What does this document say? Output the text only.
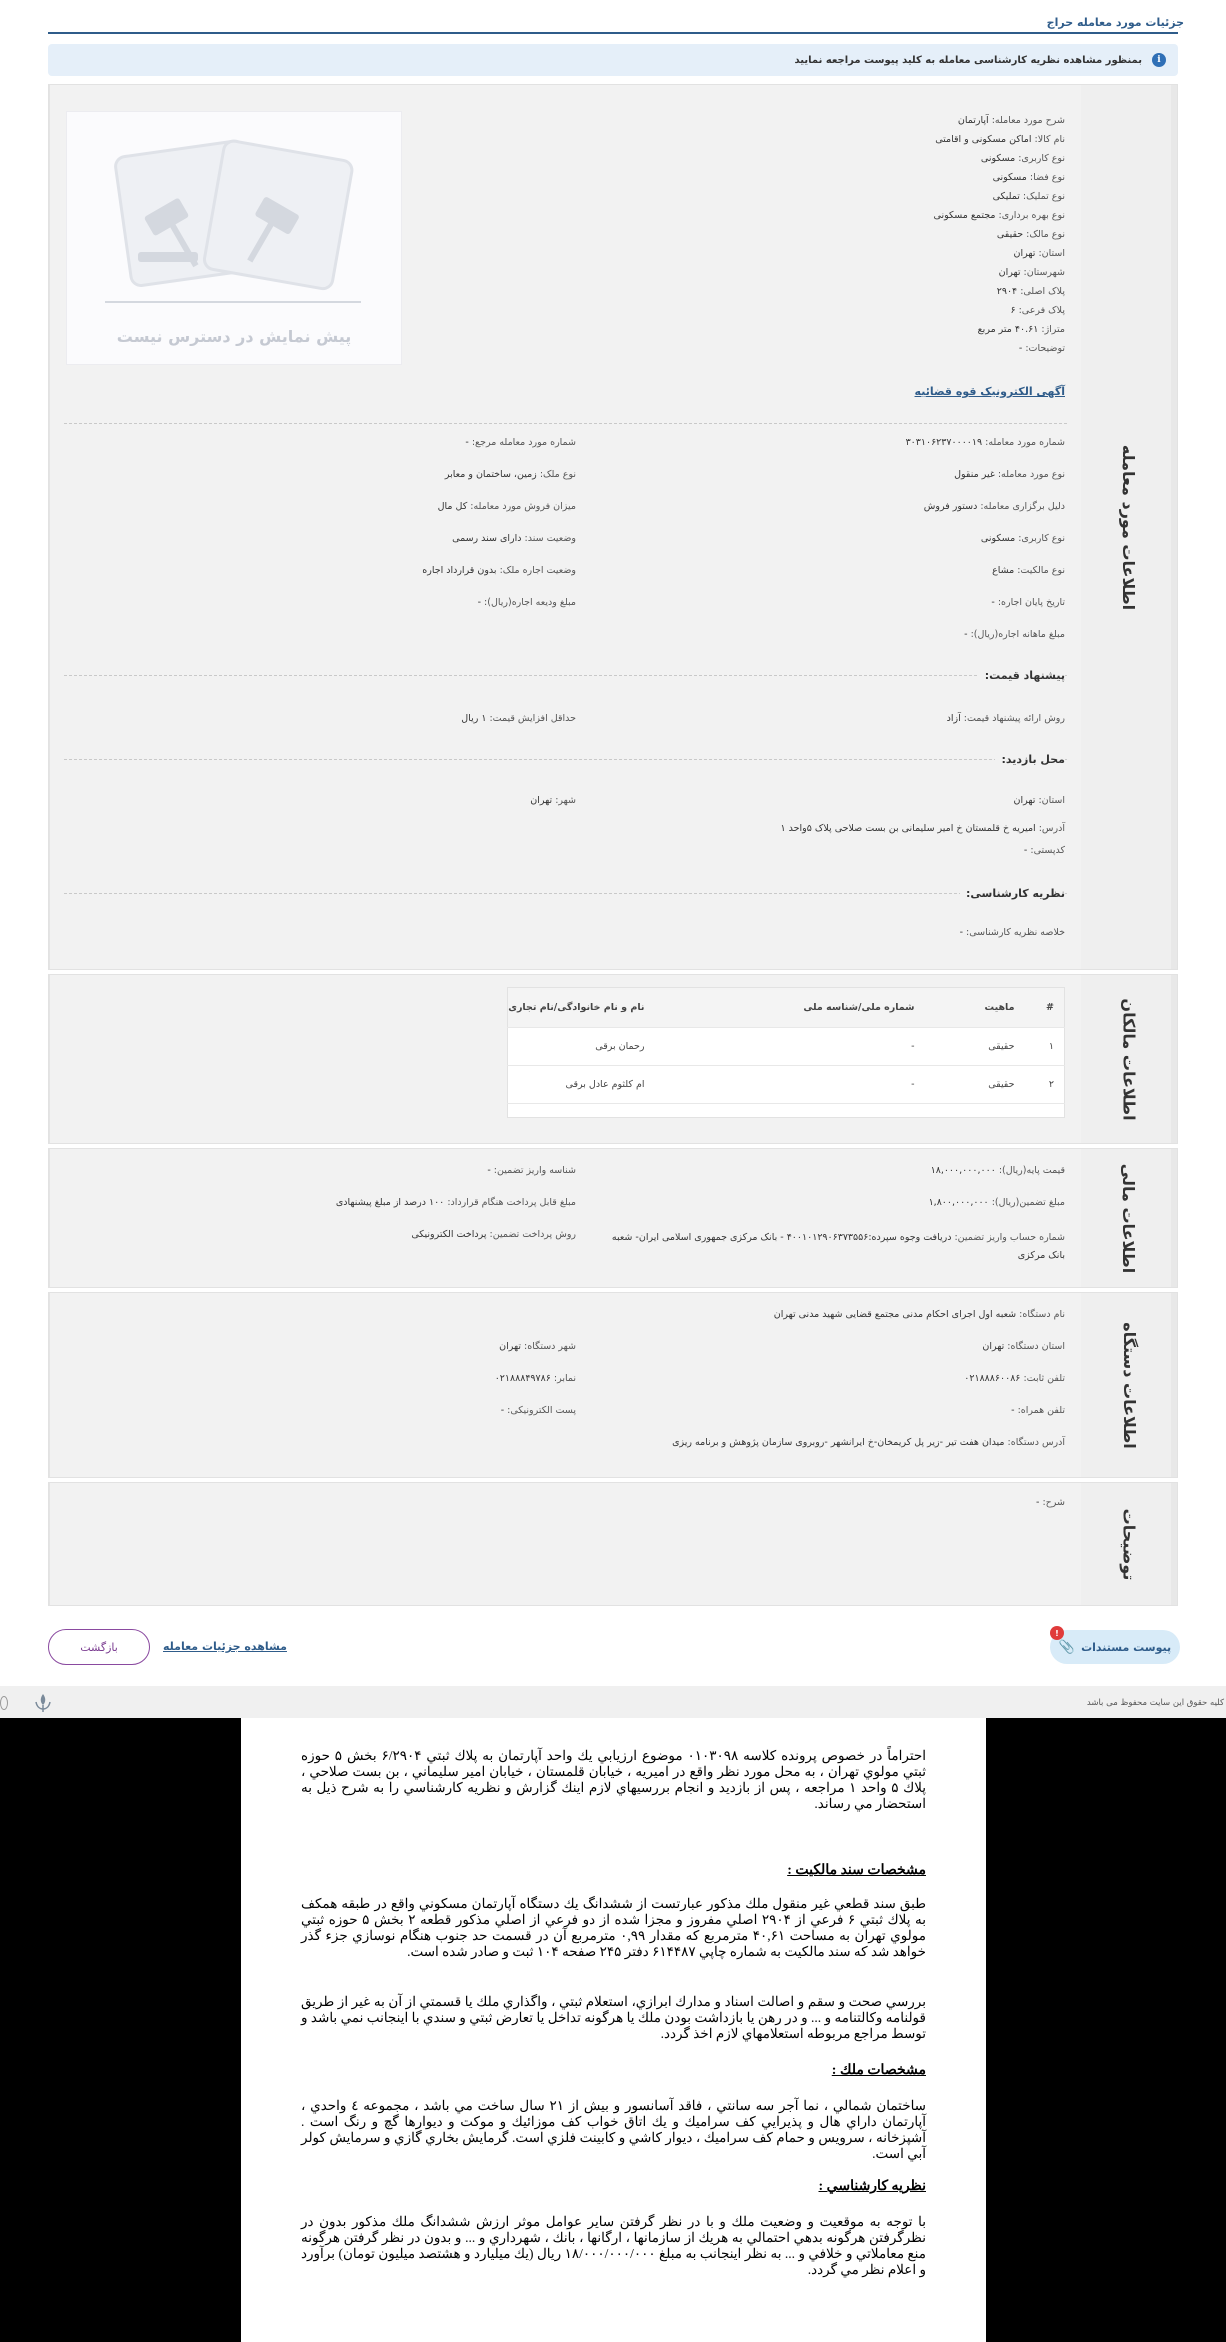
جزئیات مورد معامله حراج
i
بمنظور مشاهده نظریه کارشناسی معامله به کلید پیوست مراجعه نمایید
اطلاعات مورد معامله
شرح مورد معامله: آپارتمان
نام کالا: اماکن مسکونی و اقامتی
نوع کاربری: مسکونی
نوع فضا: مسکونی
نوع تملیک: تملیکی
نوع بهره برداری: مجتمع مسکونی
نوع مالک: حقیقی
استان: تهران
شهرستان: تهران
پلاک اصلی: ۲۹۰۴
پلاک فرعی: ۶
متراژ: ۴۰.۶۱ متر مربع
توضیحات: -
آگهی الکترونیک قوه قضائیه
پیش نمایش در دسترس نیست
شماره مورد معامله: ۳۰۳۱۰۶۲۳۷۰۰۰۰۱۹
نوع مورد معامله: غیر منقول
دلیل برگزاری معامله: دستور فروش
نوع کاربری: مسکونی
نوع مالکیت: مشاع
تاریخ پایان اجاره: -
مبلغ ماهانه اجاره(ریال): -
شماره مورد معامله مرجع: -
نوع ملک: زمین، ساختمان و معابر
میزان فروش مورد معامله: کل مال
وضعیت سند: دارای سند رسمی
وضعیت اجاره ملک: بدون قرارداد اجاره
مبلغ ودیعه اجاره(ریال): -
پیشنهاد قیمت:
روش ارائه پیشنهاد قیمت: آزاد
حداقل افزایش قیمت: ۱ ریال
محل بازدید:
استان: تهران
شهر: تهران
آدرس: امیریه خ قلمستان خ امیر سلیمانی بن بست صلاحی پلاک ۵واحد ۱
کدپستی: -
نظریه کارشناسی:
خلاصه نظریه کارشناسی: -
اطلاعات مالکان
#	ماهیت	شماره ملی/شناسه ملی	نام و نام خانوادگی/نام تجاری
۱	حقیقی	-	رحمان برقی
۲	حقیقی	-	ام کلثوم عادل برقی

اطلاعات مالی
قیمت پایه(ریال): ۱۸,۰۰۰,۰۰۰,۰۰۰
شناسه واریز تضمین: -
مبلغ تضمین(ریال): ۱,۸۰۰,۰۰۰,۰۰۰
مبلغ قابل پرداخت هنگام قرارداد: ۱۰۰ درصد از مبلغ پیشنهادی
شماره حساب واریز تضمین: دریافت وجوه سپرده:۴۰۰۱۰۱۲۹۰۶۳۷۳۵۵۶ - بانک مرکزی جمهوری اسلامی ایران- شعبه بانک مرکزی
روش پرداخت تضمین: پرداخت الکترونیکی
اطلاعات دستگاه
نام دستگاه: شعبه اول اجرای احکام مدنی مجتمع قضایی شهید مدنی تهران
استان دستگاه: تهران
شهر دستگاه: تهران
تلفن ثابت: ۰۲۱۸۸۸۶۰۰۸۶
نمابر: ۰۲۱۸۸۸۴۹۷۸۶
تلفن همراه: -
پست الکترونیکی: -
آدرس دستگاه: میدان هفت تیر -زیر پل کریمخان-خ ایرانشهر -روبروی سازمان پژوهش و برنامه ریزی
توضیحات
شرح: -
!
پیوست مستندات
📎
مشاهده جزئیات معامله
بازگشت
کلیه حقوق این سایت محفوظ می باشد
احتراماً در خصوص پرونده کلاسه ۰۱۰۳۰۹۸ موضوع ارزیابي يك واحد آپارتمان به پلاك ثبتي ۶/۲۹۰۴ بخش ۵ حوزه ثبتي مولوي تهران ، به محل مورد نظر واقع در اميريه ، خيابان قلمستان ، خيابان امير سليماني ، بن بست صلاحي ، پلاك ۵ واحد ۱ مراجعه ، پس از بازديد و انجام بررسيهاي لازم اينك گزارش و نظريه كارشناسي را به شرح ذيل به استحضار مي رساند.
مشخصات سند مالكيت :
طبق سند قطعي غير منقول ملك مذكور عبارتست از ششدانگ يك دستگاه آپارتمان مسكوني واقع در طبقه همكف به پلاك ثبتي ۶ فرعي از ۲۹۰۴ اصلي مفروز و مجزا شده از دو فرعي از اصلي مذكور قطعه ۲ بخش ۵ حوزه ثبتي مولوي تهران به مساحت ۴۰,۶۱ مترمربع كه مقدار ۰,۹۹ مترمربع آن در قسمت حد جنوب هنگام نوسازي جزء گذر خواهد شد كه سند مالكيت به شماره چاپي ۶۱۴۴۸۷ دفتر ۲۴۵ صفحه ۱۰۴ ثبت و صادر شده است.
بررسي صحت و سقم و اصالت اسناد و مدارك ابرازي، استعلام ثبتي ، واگذاري ملك يا قسمتي از آن به غير از طريق قولنامه وكالتنامه و ... و در رهن يا بازداشت بودن ملك يا هرگونه تداخل يا تعارض ثبتي و سندي با اينجانب نمي باشد و توسط مراجع مربوطه استعلامهاي لازم اخذ گردد.
مشخصات ملك :
ساختمان شمالي ، نما آجر سه سانتي ، فاقد آسانسور و بيش از ۲۱ سال ساخت مي باشد ، مجموعه ٤ واحدي ، آپارتمان داراي هال و پذيرايي كف سراميك و يك اتاق خواب كف موزائيك و موكت و ديوارها گچ و رنگ است . آشپزخانه ، سرويس و حمام كف سراميك ، ديوار كاشي و كابينت فلزي است. گرمايش بخاري گازي و سرمايش كولر آبي است.
نظريه كارشناسي :
با توجه به موقعيت و وضعيت ملك و با در نظر گرفتن ساير عوامل موثر ارزش ششدانگ ملك مذكور بدون در نظرگرفتن هرگونه بدهي احتمالي به هريك از سازمانها ، ارگانها ، بانك ، شهرداري و ... و بدون در نظر گرفتن هرگونه منع معاملاتي و خلافي و ... به نظر اينجانب به مبلغ ۱۸/۰۰۰/۰۰۰/۰۰۰ ريال (يك ميليارد و هشتصد ميليون تومان) برآورد و اعلام نظر مي گردد.
